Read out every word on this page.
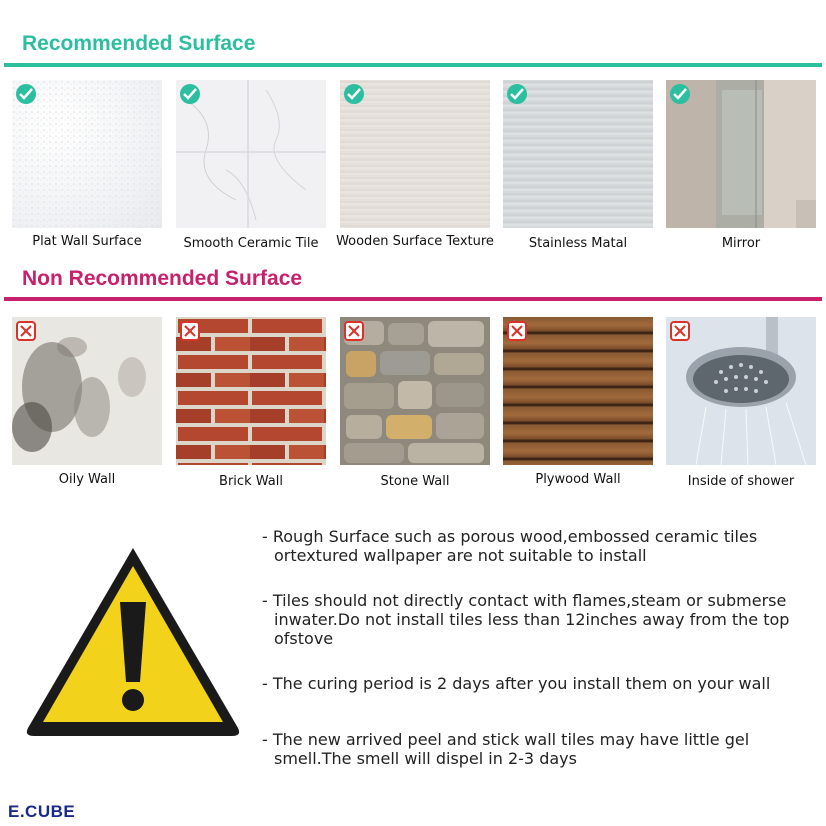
Recommended Surface
Plat Wall Surface	Smooth Ceramic Tile	Wooden Surface Texture	Stainless Matal	Mirror
Non Recommended Surface
Oily Wall	Brick Wall	Stone Wall	Plywood Wall	Inside of shower
- Rough Surface such as porous wood,embossed ceramic tiles ortextured wallpaper are not suitable to install
- Tiles should not directly contact with flames,steam or submerse inwater.Do not install tiles less than 12inches away from the top ofstove
- The curing period is 2 days after you install them on your wall
- The new arrived peel and stick wall tiles may have little gel smell.The smell will dispel in 2-3 days
E.CUBE
